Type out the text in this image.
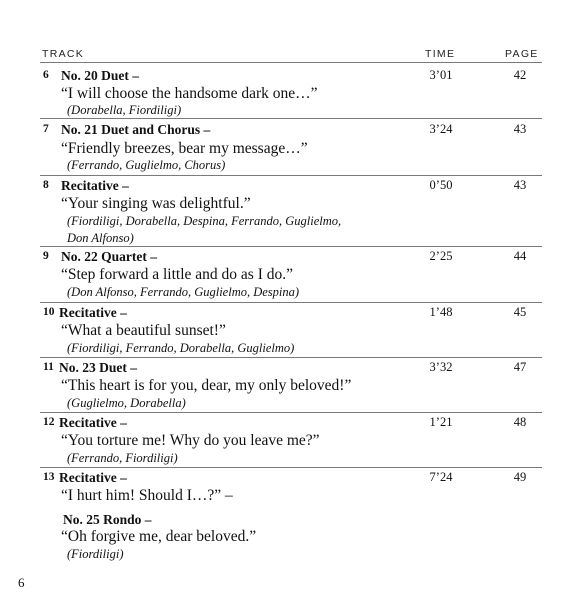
TRACK	TIME	PAGE
6 No. 20 Duet –	3’01	42
“I will choose the handsome dark one…”
(Dorabella, Fiordiligi)
7 No. 21 Duet and Chorus –	3’24	43
“Friendly breezes, bear my message…”
(Ferrando, Guglielmo, Chorus)
8 Recitative –	0’50	43
“Your singing was delightful.”
(Fiordiligi, Dorabella, Despina, Ferrando, Guglielmo,
Don Alfonso)
9 No. 22 Quartet –	2’25	44
“Step forward a little and do as I do.”
(Don Alfonso, Ferrando, Guglielmo, Despina)
10 Recitative –	1’48	45
“What a beautiful sunset!”
(Fiordiligi, Ferrando, Dorabella, Guglielmo)
11 No. 23 Duet –	3’32	47
“This heart is for you, dear, my only beloved!”
(Guglielmo, Dorabella)
12 Recitative –	1’21	48
“You torture me! Why do you leave me?”
(Ferrando, Fiordiligi)
13 Recitative –	7’24	49
“I hurt him! Should I…?” –
No. 25 Rondo –
“Oh forgive me, dear beloved.”
(Fiordiligi)
6
